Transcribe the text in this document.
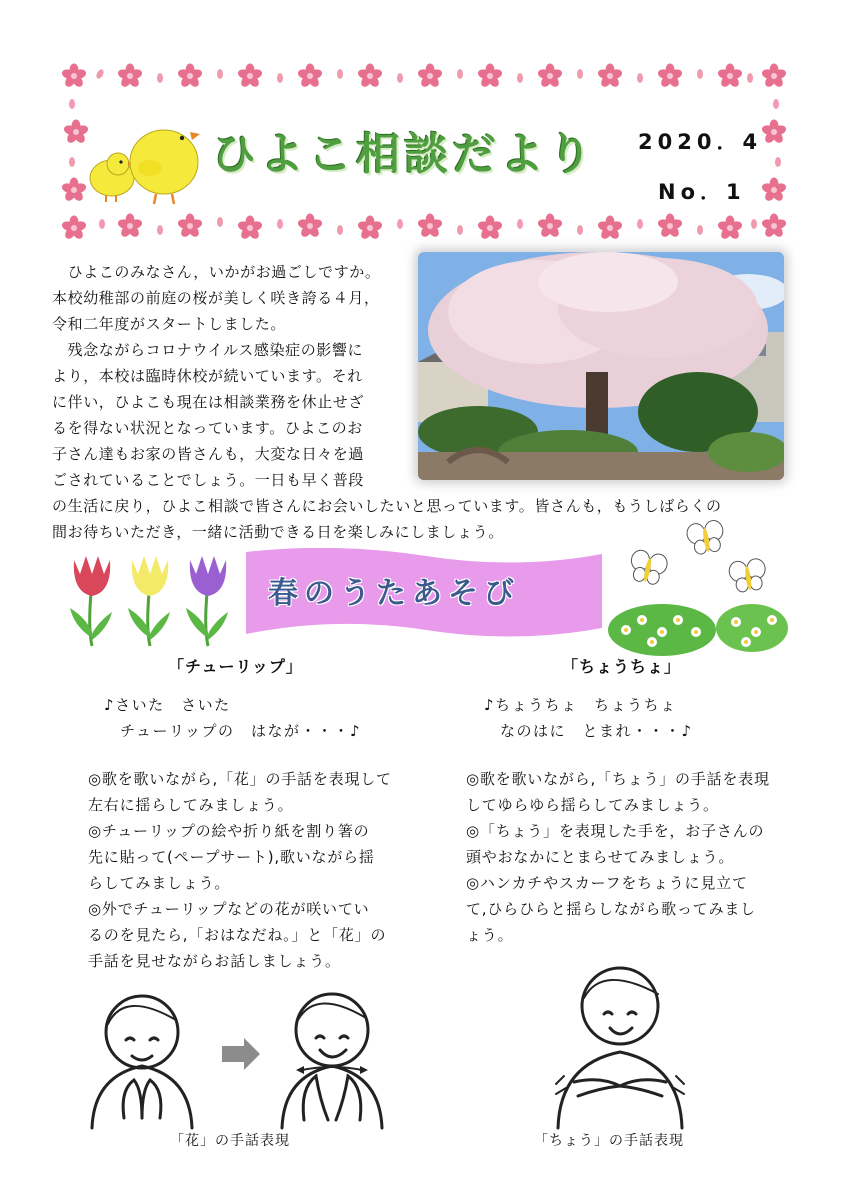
ひよこ相談だより 2020．4
No．1
　ひよこのみなさん，いかがお過ごしですか。
本校幼稚部の前庭の桜が美しく咲き誇る４月，
令和二年度がスタートしました。
　残念ながらコロナウイルス感染症の影響に
より，本校は臨時休校が続いています。それ
に伴い，ひよこも現在は相談業務を休止せざ
るを得ない状況となっています。ひよこのお
子さん達もお家の皆さんも，大変な日々を過
ごされていることでしょう。一日も早く普段
の生活に戻り，ひよこ相談で皆さんにお会いしたいと思っています。皆さんも，もうしばらくの
間お待ちいただき，一緒に活動できる日を楽しみにしましょう。
春のうたあそび
「チューリップ」
♪さいた　さいた
チューリップの　はなが・・・♪
◎歌を歌いながら,「花」の手話を表現して
左右に揺らしてみましょう。
◎チューリップの絵や折り紙を割り箸の
先に貼って(ペープサート),歌いながら揺
らしてみましょう。
◎外でチューリップなどの花が咲いてい
るのを見たら,「おはなだね。」と「花」の
手話を見せながらお話しましょう。
「ちょうちょ」
♪ちょうちょ　ちょうちょ
なのはに　とまれ・・・♪
◎歌を歌いながら,「ちょう」の手話を表現
してゆらゆら揺らしてみましょう。
◎「ちょう」を表現した手を，お子さんの
頭やおなかにとまらせてみましょう。
◎ハンカチやスカーフをちょうに見立て
て,ひらひらと揺らしながら歌ってみまし
ょう。
「花」の手話表現	「ちょう」の手話表現
